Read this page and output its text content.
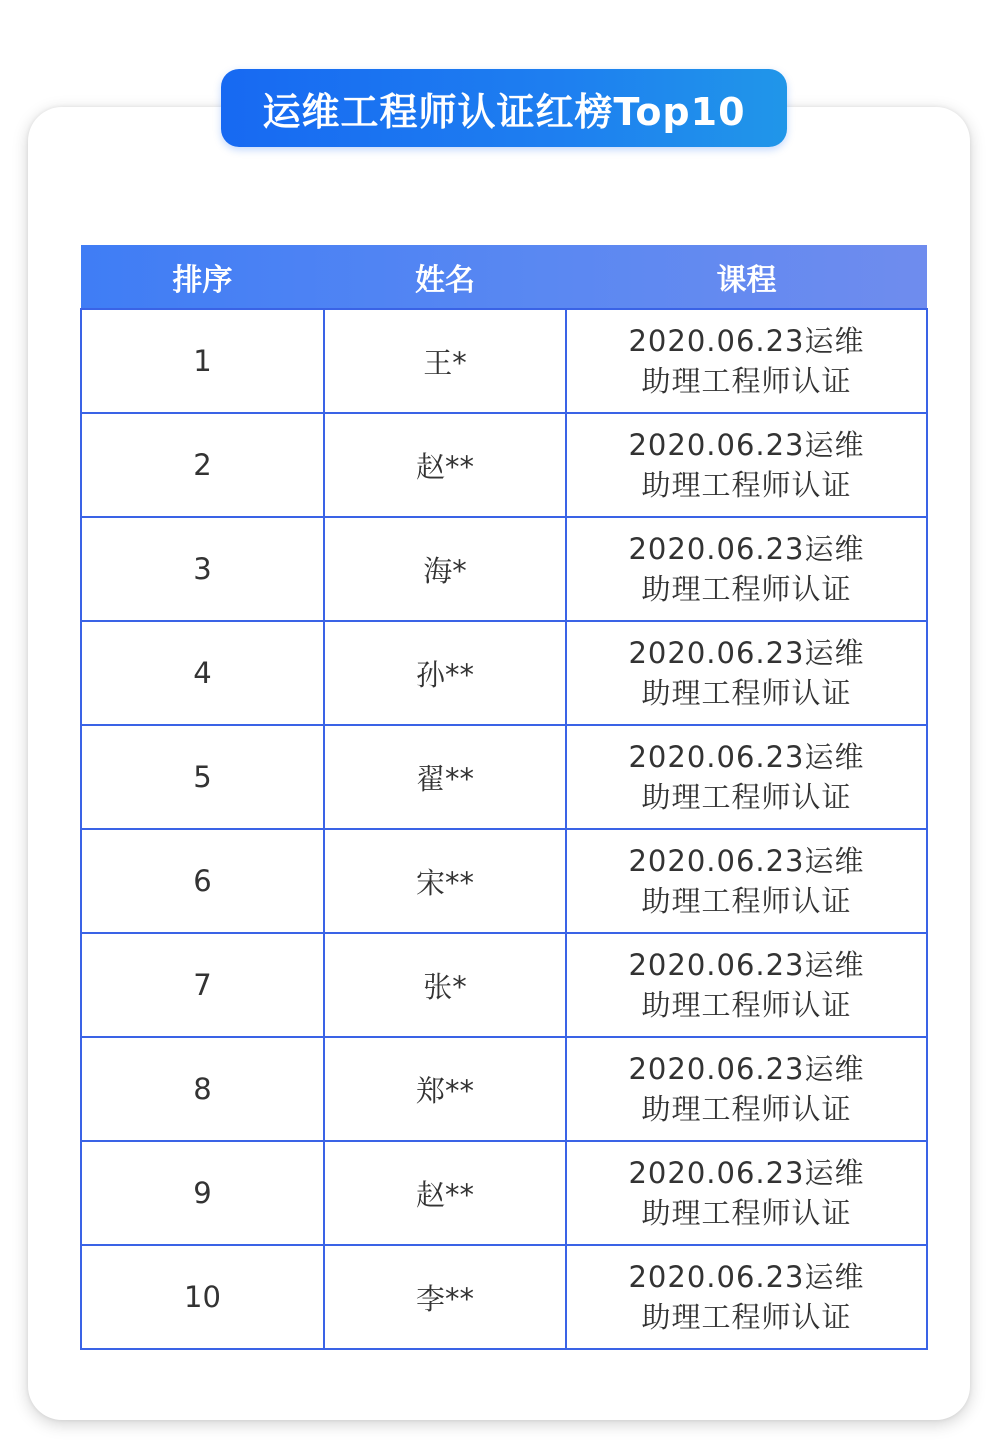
运维工程师认证红榜Top10
排序	姓名	课程
1	王*	2020.06.23运维
助理工程师认证

2	赵**	2020.06.23运维
助理工程师认证

3	海*	2020.06.23运维
助理工程师认证

4	孙**	2020.06.23运维
助理工程师认证

5	翟**	2020.06.23运维
助理工程师认证

6	宋**	2020.06.23运维
助理工程师认证

7	张*	2020.06.23运维
助理工程师认证

8	郑**	2020.06.23运维
助理工程师认证

9	赵**	2020.06.23运维
助理工程师认证

10	李**	2020.06.23运维
助理工程师认证
